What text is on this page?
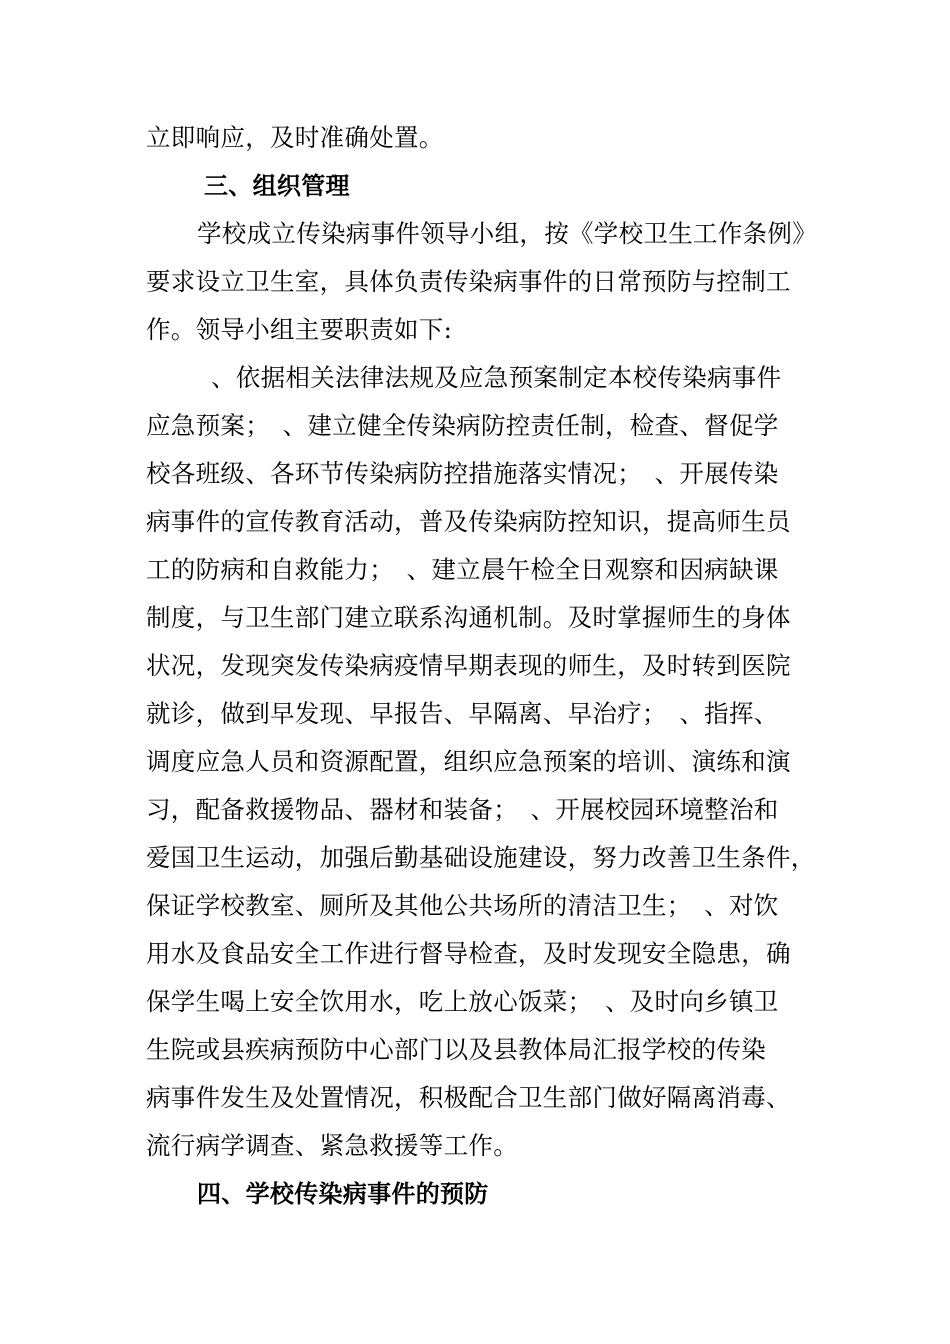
立即响应，及时准确处置。
三、组织管理
学校成立传染病事件领导小组，按《学校卫生工作条例》
要求设立卫生室，具体负责传染病事件的日常预防与控制工
作。领导小组主要职责如下:
、依据相关法律法规及应急预案制定本校传染病事件
应急预案；　、建立健全传染病防控责任制，检查、督促学
校各班级、各环节传染病防控措施落实情况；　、开展传染
病事件的宣传教育活动，普及传染病防控知识，提高师生员
工的防病和自救能力；　、建立晨午检全日观察和因病缺课
制度，与卫生部门建立联系沟通机制。及时掌握师生的身体
状况，发现突发传染病疫情早期表现的师生，及时转到医院
就诊，做到早发现、早报告、早隔离、早治疗；　、指挥、
调度应急人员和资源配置，组织应急预案的培训、演练和演
习，配备救援物品、器材和装备；　、开展校园环境整治和
爱国卫生运动，加强后勤基础设施建设，努力改善卫生条件，
保证学校教室、厕所及其他公共场所的清洁卫生；　、对饮
用水及食品安全工作进行督导检查，及时发现安全隐患，确
保学生喝上安全饮用水，吃上放心饭菜；　、及时向乡镇卫
生院或县疾病预防中心部门以及县教体局汇报学校的传染
病事件发生及处置情况，积极配合卫生部门做好隔离消毒、
流行病学调查、紧急救援等工作。
四、学校传染病事件的预防
